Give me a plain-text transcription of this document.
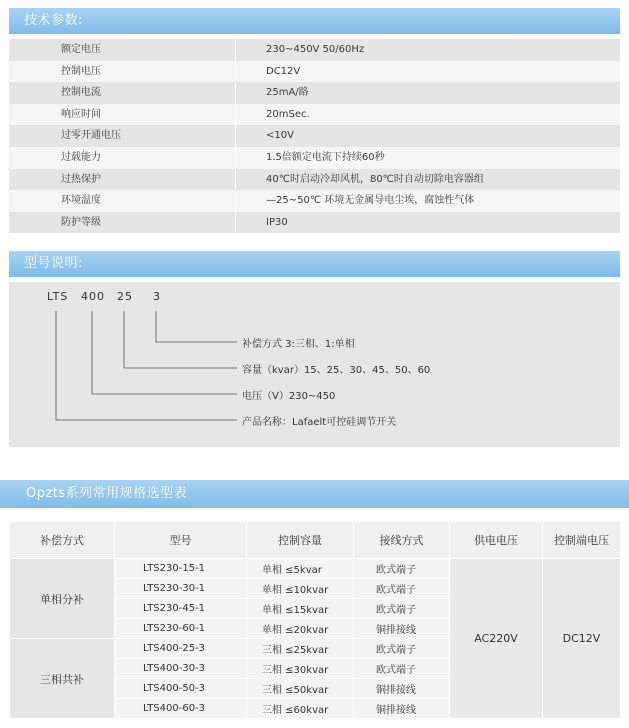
技术参数:
额定电压	230~450V 50/60Hz
控制电压	DC12V
控制电流	25mA/路
响应时间	20mSec.
过零开通电压	<10V
过载能力	1.5倍额定电流下持续60秒
过热保护	40℃时启动冷却风机，80℃时自动切除电容器组
环境温度	—25~50℃ 环境无金属导电尘埃，腐蚀性气体
防护等级	IP30
型号说明:
LTS 400 25 3
补偿方式 3:三相、1:单相
容量（kvar）15、25、30、45、50、60
电压（V）230~450
产品名称：Lafaelt可控硅调节开关
Opzts系列常用规格选型表
补偿方式	型号	控制容量	接线方式	供电电压	控制端电压
单相分补	LTS230-15-1	单相 ≤5kvar	欧式端子	AC220V	DC12V
	LTS230-30-1	单相 ≤10kvar	欧式端子		
	LTS230-45-1	单相 ≤15kvar	欧式端子		
	LTS230-60-1	单相 ≤20kvar	铜排接线		
三相共补	LTS400-25-3	三相 ≤25kvar	欧式端子		
	LTS400-30-3	三相 ≤30kvar	欧式端子		
	LTS400-50-3	三相 ≤50kvar	铜排接线		
	LTS400-60-3	三相 ≤60kvar	铜排接线		
